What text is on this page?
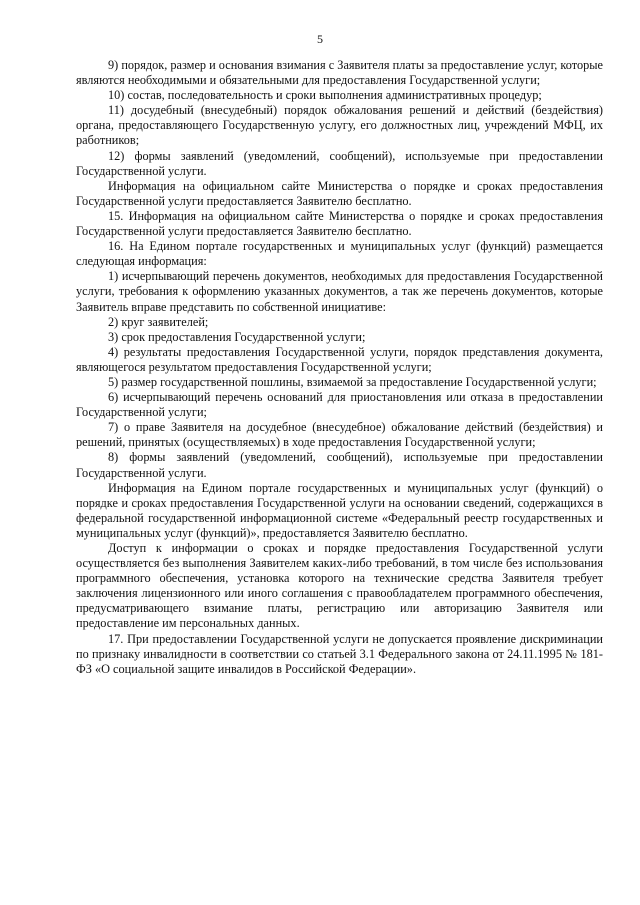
5

9) порядок, размер и основания взимания с Заявителя платы за предоставление услуг, которые являются необходимыми и обязательными для предоставления Государственной услуги;

10) состав, последовательность и сроки выполнения административных процедур;

11) досудебный (внесудебный) порядок обжалования решений и действий (бездействия) органа, предоставляющего Государственную услугу, его должностных лиц, учреждений МФЦ, их работников;

12) формы заявлений (уведомлений, сообщений), используемые при предоставлении Государственной услуги.

Информация на официальном сайте Министерства о порядке и сроках предоставления Государственной услуги предоставляется Заявителю бесплатно.

15. Информация на официальном сайте Министерства о порядке и сроках предоставления Государственной услуги предоставляется Заявителю бесплатно.

16. На Едином портале государственных и муниципальных услуг (функций) размещается следующая информация:

1) исчерпывающий перечень документов, необходимых для предоставления Государственной услуги, требования к оформлению указанных документов, а так же перечень документов, которые Заявитель вправе представить по собственной инициативе:

2) круг заявителей;

3) срок предоставления Государственной услуги;

4) результаты предоставления Государственной услуги, порядок представления документа, являющегося результатом предоставления Государственной услуги;

5) размер государственной пошлины, взимаемой за предоставление Государственной услуги;

6) исчерпывающий перечень оснований для приостановления или отказа в предоставлении Государственной услуги;

7) о праве Заявителя на досудебное (внесудебное) обжалование действий (бездействия) и решений, принятых (осуществляемых) в ходе предоставления Государственной услуги;

8) формы заявлений (уведомлений, сообщений), используемые при предоставлении Государственной услуги.

Информация на Едином портале государственных и муниципальных услуг (функций) о порядке и сроках предоставления Государственной услуги на основании сведений, содержащихся в федеральной государственной информационной системе «Федеральный реестр государственных и муниципальных услуг (функций)», предоставляется Заявителю бесплатно.

Доступ к информации о сроках и порядке предоставления Государственной услуги осуществляется без выполнения Заявителем каких-либо требований, в том числе без использования программного обеспечения, установка которого на технические средства Заявителя требует заключения лицензионного или иного соглашения с правообладателем программного обеспечения, предусматривающего взимание платы, регистрацию или авторизацию Заявителя или предоставление им персональных данных.

17. При предоставлении Государственной услуги не допускается проявление дискриминации по признаку инвалидности в соответствии со статьей 3.1 Федерального закона от 24.11.1995 № 181-ФЗ «О социальной защите инвалидов в Российской Федерации».
